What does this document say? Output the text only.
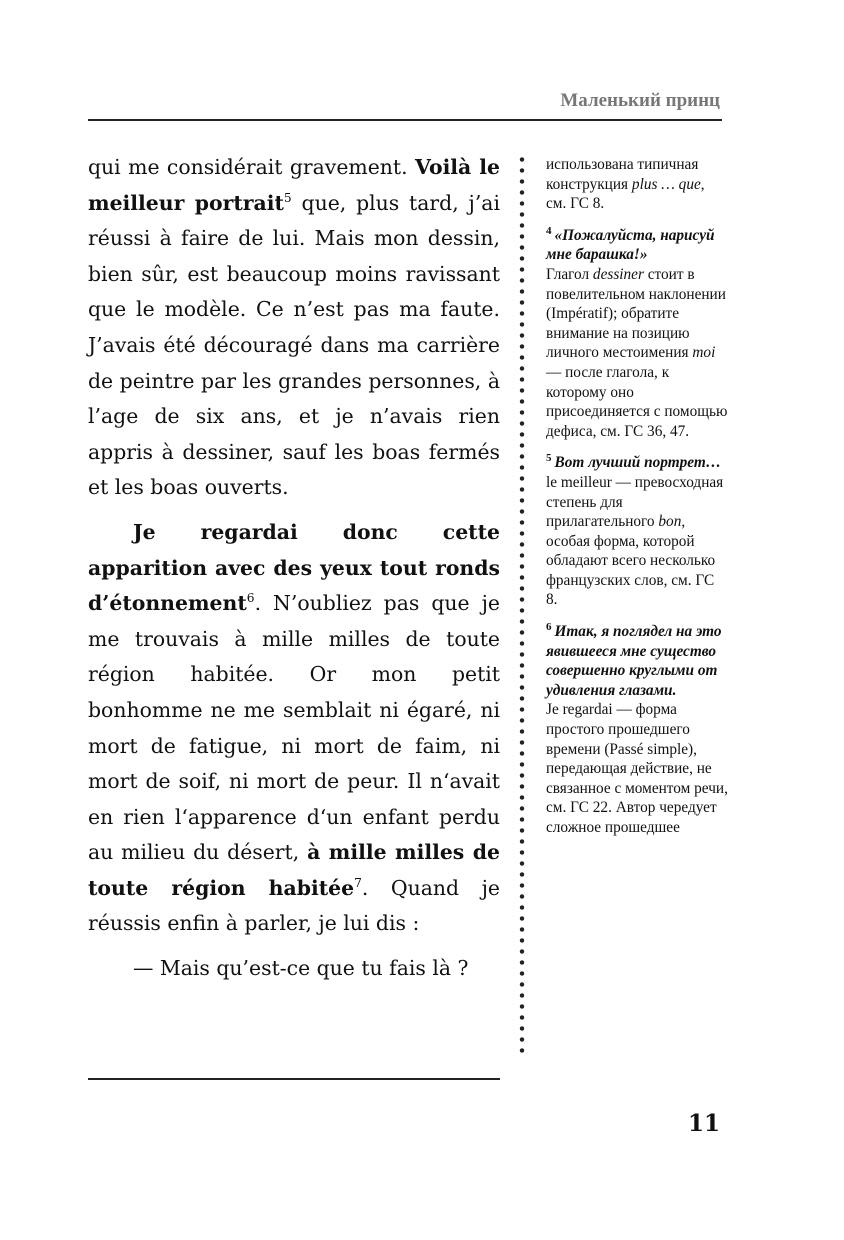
Маленький принц

qui me considérait gravement. Voilà le meilleur portrait$^5$ que, plus tard, j’ai réussi à faire de lui. Mais mon dessin, bien sûr, est beaucoup moins ravissant que le modèle. Ce n’est pas ma faute. J’avais été découragé dans ma carrière de peintre par les grandes personnes, à l’age de six ans, et je n’avais rien appris à dessiner, sauf les boas fermés et les boas ouverts.

Je regardai donc cette apparition avec des yeux tout ronds d’étonnement$^6$. N’oubliez pas que je me trouvais à mille milles de toute région habitée. Or mon petit bonhomme ne me semblait ni égaré, ni mort de fatigue, ni mort de faim, ni mort de soif, ni mort de peur. Il n‘avait en rien l‘apparence d‘un enfant perdu au milieu du désert, à mille milles de toute région habitée$^7$. Quand je réussis enfin à parler, je lui dis :

— Mais qu’est-ce que tu fais là ?

использована типичная конструкция plus … que, см. ГС 8.
$^4$ «Пожалуйста, нарисуй мне барашка!»
Глагол dessiner стоит в повелительном наклонении (Impératif); обратите внимание на позицию личного местоимения moi — после глагола, к которому оно присоединяется с помощью дефиса, см. ГС 36, 47.
$^5$ Вот лучший портрет…
le meilleur — превосходная степень для прилагательного bon, особая форма, которой обладают всего несколько французских слов, см. ГС 8.
$^6$ Итак, я поглядел на это явившееся мне существо совершенно круглыми от удивления глазами.
Je regardai — форма простого прошедшего времени (Passé simple), передающая действие, не связанное с моментом речи, см. ГС 22. Автор чередует сложное прошедшее
11
